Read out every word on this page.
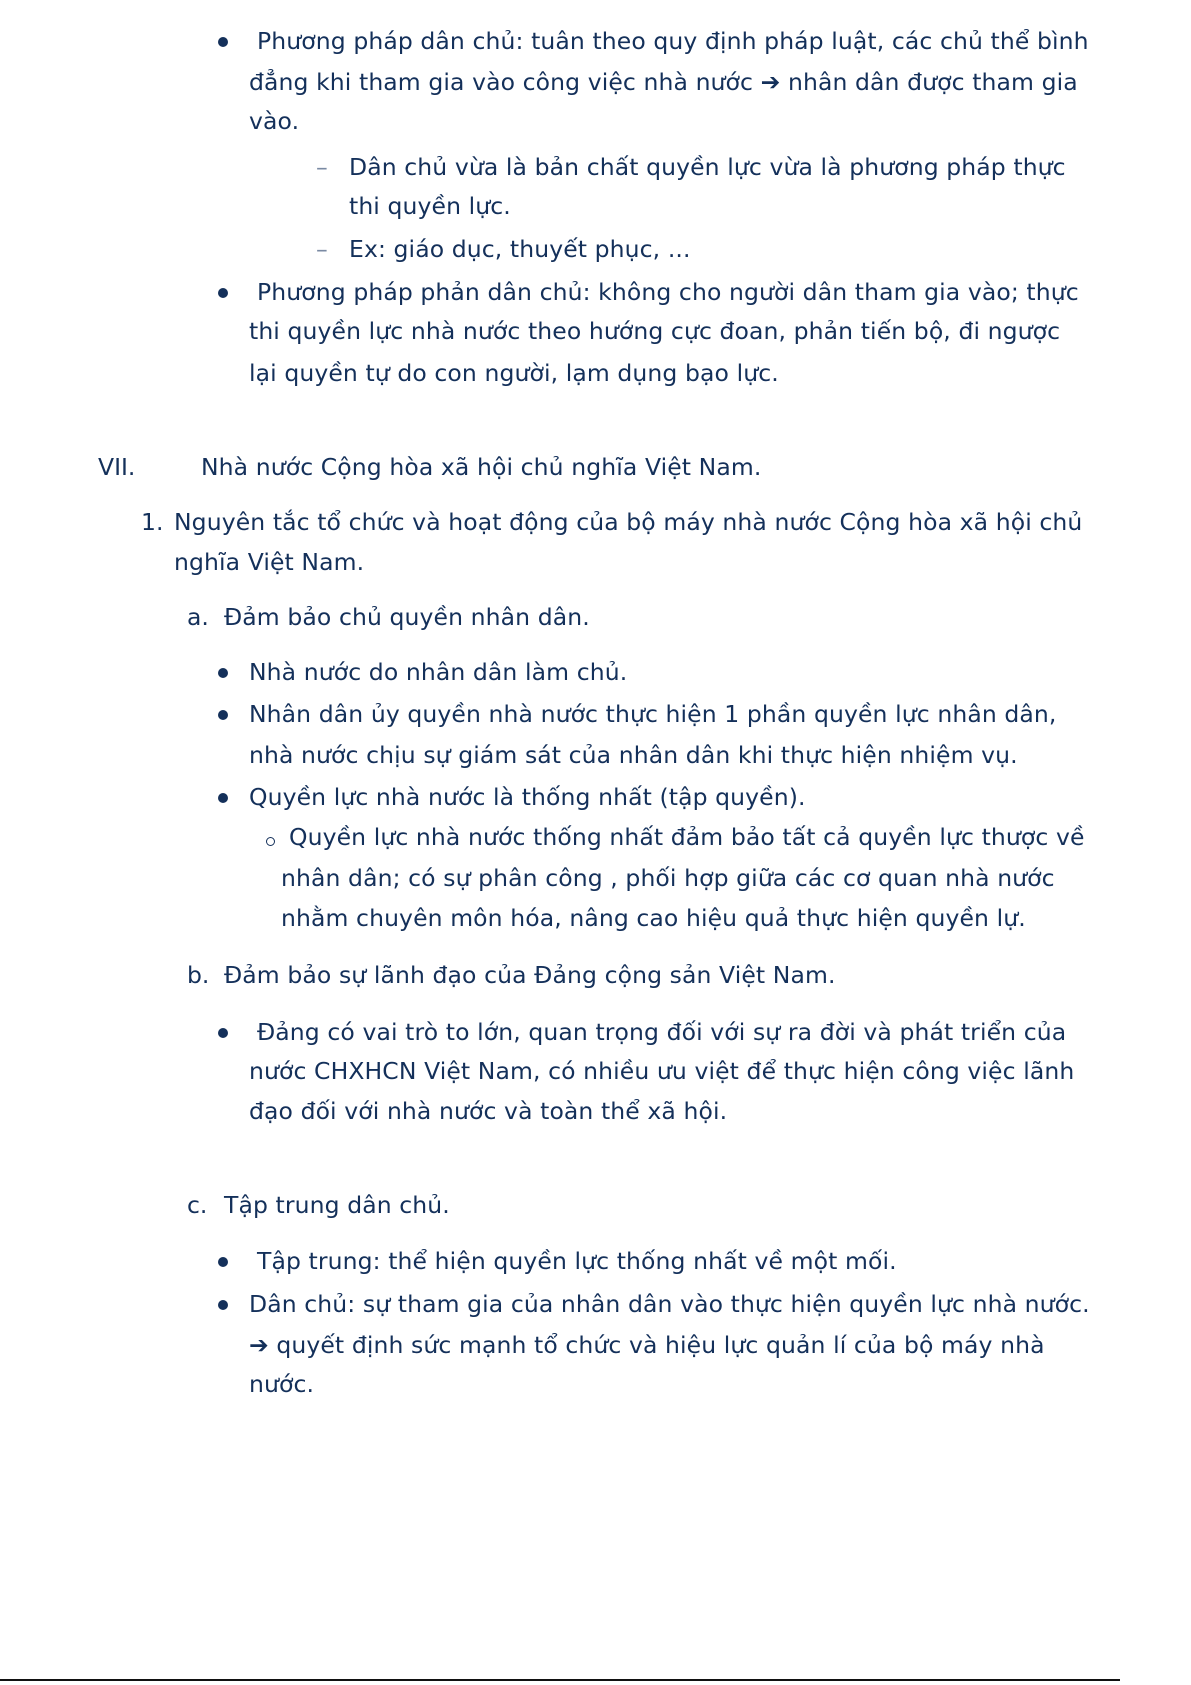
Phương pháp dân chủ: tuân theo quy định pháp luật, các chủ thể bình
đẳng khi tham gia vào công việc nhà nước ➔ nhân dân được tham gia
vào.
– Dân chủ vừa là bản chất quyền lực vừa là phương pháp thực
thi quyền lực.
– Ex: giáo dục, thuyết phục, ...
Phương pháp phản dân chủ: không cho người dân tham gia vào; thực
thi quyền lực nhà nước theo hướng cực đoan, phản tiến bộ, đi ngược
lại quyền tự do con người, lạm dụng bạo lực.
VII.	Nhà nước Cộng hòa xã hội chủ nghĩa Việt Nam.
1. Nguyên tắc tổ chức và hoạt động của bộ máy nhà nước Cộng hòa xã hội chủ
nghĩa Việt Nam.
a. Đảm bảo chủ quyền nhân dân.
Nhà nước do nhân dân làm chủ.
Nhân dân ủy quyền nhà nước thực hiện 1 phần quyền lực nhân dân,
nhà nước chịu sự giám sát của nhân dân khi thực hiện nhiệm vụ.
Quyền lực nhà nước là thống nhất (tập quyền).
Quyền lực nhà nước thống nhất đảm bảo tất cả quyền lực thược về
nhân dân; có sự phân công , phối hợp giữa các cơ quan nhà nước
nhằm chuyên môn hóa, nâng cao hiệu quả thực hiện quyền lự.
b. Đảm bảo sự lãnh đạo của Đảng cộng sản Việt Nam.
Đảng có vai trò to lớn, quan trọng đối với sự ra đời và phát triển của
nước CHXHCN Việt Nam, có nhiều ưu việt để thực hiện công việc lãnh
đạo đối với nhà nước và toàn thể xã hội.
c. Tập trung dân chủ.
Tập trung: thể hiện quyền lực thống nhất về một mối.
Dân chủ: sự tham gia của nhân dân vào thực hiện quyền lực nhà nước.
➔ quyết định sức mạnh tổ chức và hiệu lực quản lí của bộ máy nhà
nước.
